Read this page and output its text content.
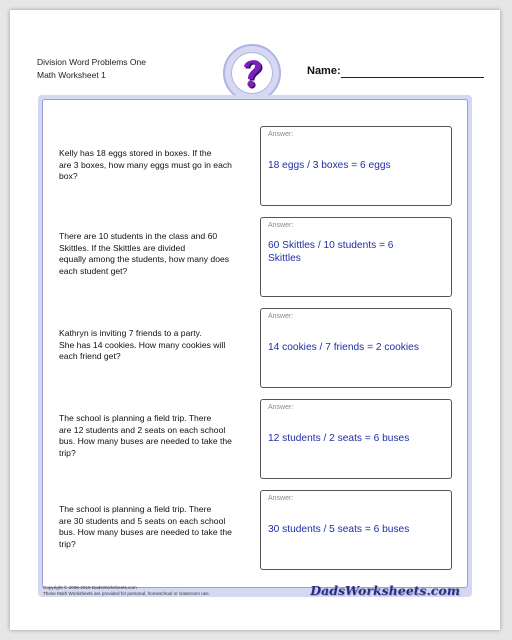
Division Word Problems One
Math Worksheet 1	Name:
Kelly has 18 eggs stored in boxes. If the
are 3 boxes, how many eggs must go in each
box?
Answer:
18 eggs / 3 boxes = 6 eggs
There are 10 students in the class and 60
Skittles. If the Skittles are divided
equally among the students, how many does
each student get?
Answer:
60 Skittles / 10 students = 6
Skittles
Kathryn is inviting 7 friends to a party.
She has 14 cookies. How many cookies will
each friend get?
Answer:
14 cookies / 7 friends = 2 cookies
The school is planning a field trip. There
are 12 students and 2 seats on each school
bus. How many buses are needed to take the
trip?
Answer:
12 students / 2 seats = 6 buses
The school is planning a field trip. There
are 30 students and 5 seats on each school
bus. How many buses are needed to take the
trip?
Answer:
30 students / 5 seats = 6 buses
Copyright © 2008-2019 DadsWorksheets.com
These Math Worksheets are provided for personal, homeschool or classroom use.	DadsWorksheets.com
